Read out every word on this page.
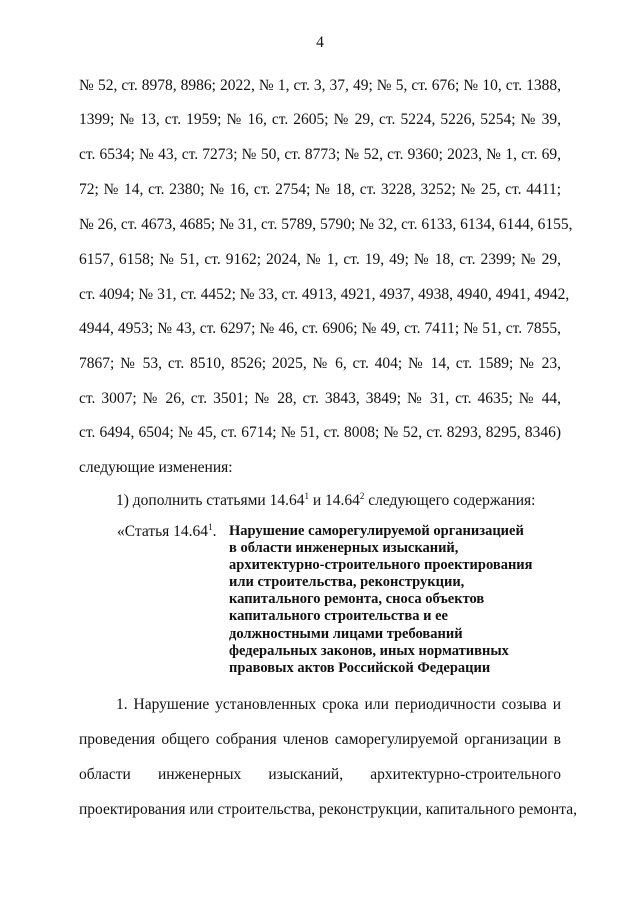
4
№ 52, ст. 8978, 8986; 2022, № 1, ст. 3, 37, 49; № 5, ст. 676; № 10, ст. 1388,
1399; № 13, ст. 1959; № 16, ст. 2605; № 29, ст. 5224, 5226, 5254; № 39,
ст. 6534; № 43, ст. 7273; № 50, ст. 8773; № 52, ст. 9360; 2023, № 1, ст. 69,
72; № 14, ст. 2380; № 16, ст. 2754; № 18, ст. 3228, 3252; № 25, ст. 4411;
№ 26, ст. 4673, 4685; № 31, ст. 5789, 5790; № 32, ст. 6133, 6134, 6144, 6155,
6157, 6158; № 51, ст. 9162; 2024, № 1, ст. 19, 49; № 18, ст. 2399; № 29,
ст. 4094; № 31, ст. 4452; № 33, ст. 4913, 4921, 4937, 4938, 4940, 4941, 4942,
4944, 4953; № 43, ст. 6297; № 46, ст. 6906; № 49, ст. 7411; № 51, ст. 7855,
7867; № 53, ст. 8510, 8526; 2025, № 6, ст. 404; № 14, ст. 1589; № 23,
ст. 3007; № 26, ст. 3501; № 28, ст. 3843, 3849; № 31, ст. 4635; № 44,
ст. 6494, 6504; № 45, ст. 6714; № 51, ст. 8008; № 52, ст. 8293, 8295, 8346)
следующие изменения:
1) дополнить статьями 14.64$^1$ и 14.64$^2$ следующего содержания:
«Статья 14.64$^1$. Нарушение саморегулируемой организацией
в области инженерных изысканий,
архитектурно-строительного проектирования
или строительства, реконструкции,
капитального ремонта, сноса объектов
капитального строительства и ее
должностными лицами требований
федеральных законов, иных нормативных
правовых актов Российской Федерации
1. Нарушение установленных срока или периодичности созыва и
проведения общего собрания членов саморегулируемой организации в
области инженерных изысканий, архитектурно-строительного
проектирования или строительства, реконструкции, капитального ремонта,
